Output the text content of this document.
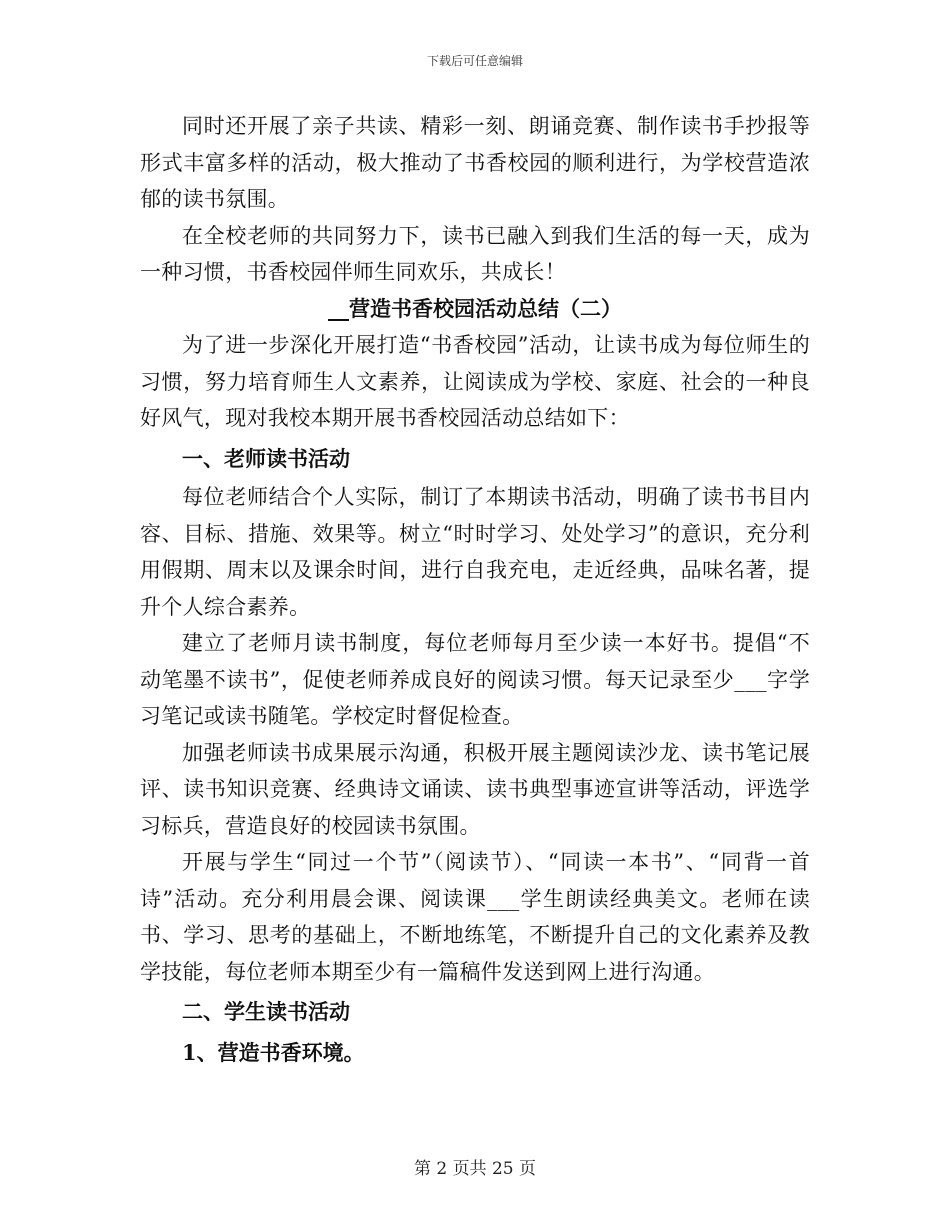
下载后可任意编辑

同时还开展了亲子共读、精彩一刻、朗诵竞赛、制作读书手抄报等形式丰富多样的活动，极大推动了书香校园的顺利进行，为学校营造浓郁的读书氛围。

在全校老师的共同努力下，读书已融入到我们生活的每一天，成为一种习惯，书香校园伴师生同欢乐，共成长！

__营造书香校园活动总结（二）

为了进一步深化开展打造“书香校园”活动，让读书成为每位师生的习惯，努力培育师生人文素养，让阅读成为学校、家庭、社会的一种良好风气，现对我校本期开展书香校园活动总结如下：

一、老师读书活动

每位老师结合个人实际，制订了本期读书活动，明确了读书书目内容、目标、措施、效果等。树立“时时学习、处处学习”的意识，充分利用假期、周末以及课余时间，进行自我充电，走近经典，品味名著，提升个人综合素养。

建立了老师月读书制度，每位老师每月至少读一本好书。提倡“不动笔墨不读书”，促使老师养成良好的阅读习惯。每天记录至少___字学习笔记或读书随笔。学校定时督促检查。

加强老师读书成果展示沟通，积极开展主题阅读沙龙、读书笔记展评、读书知识竞赛、经典诗文诵读、读书典型事迹宣讲等活动，评选学习标兵，营造良好的校园读书氛围。

开展与学生“同过一个节”（阅读节）、“同读一本书”、“同背一首诗”活动。充分利用晨会课、阅读课___学生朗读经典美文。老师在读书、学习、思考的基础上，不断地练笔，不断提升自己的文化素养及教学技能，每位老师本期至少有一篇稿件发送到网上进行沟通。

二、学生读书活动

1、营造书香环境。

第 2 页共 25 页
